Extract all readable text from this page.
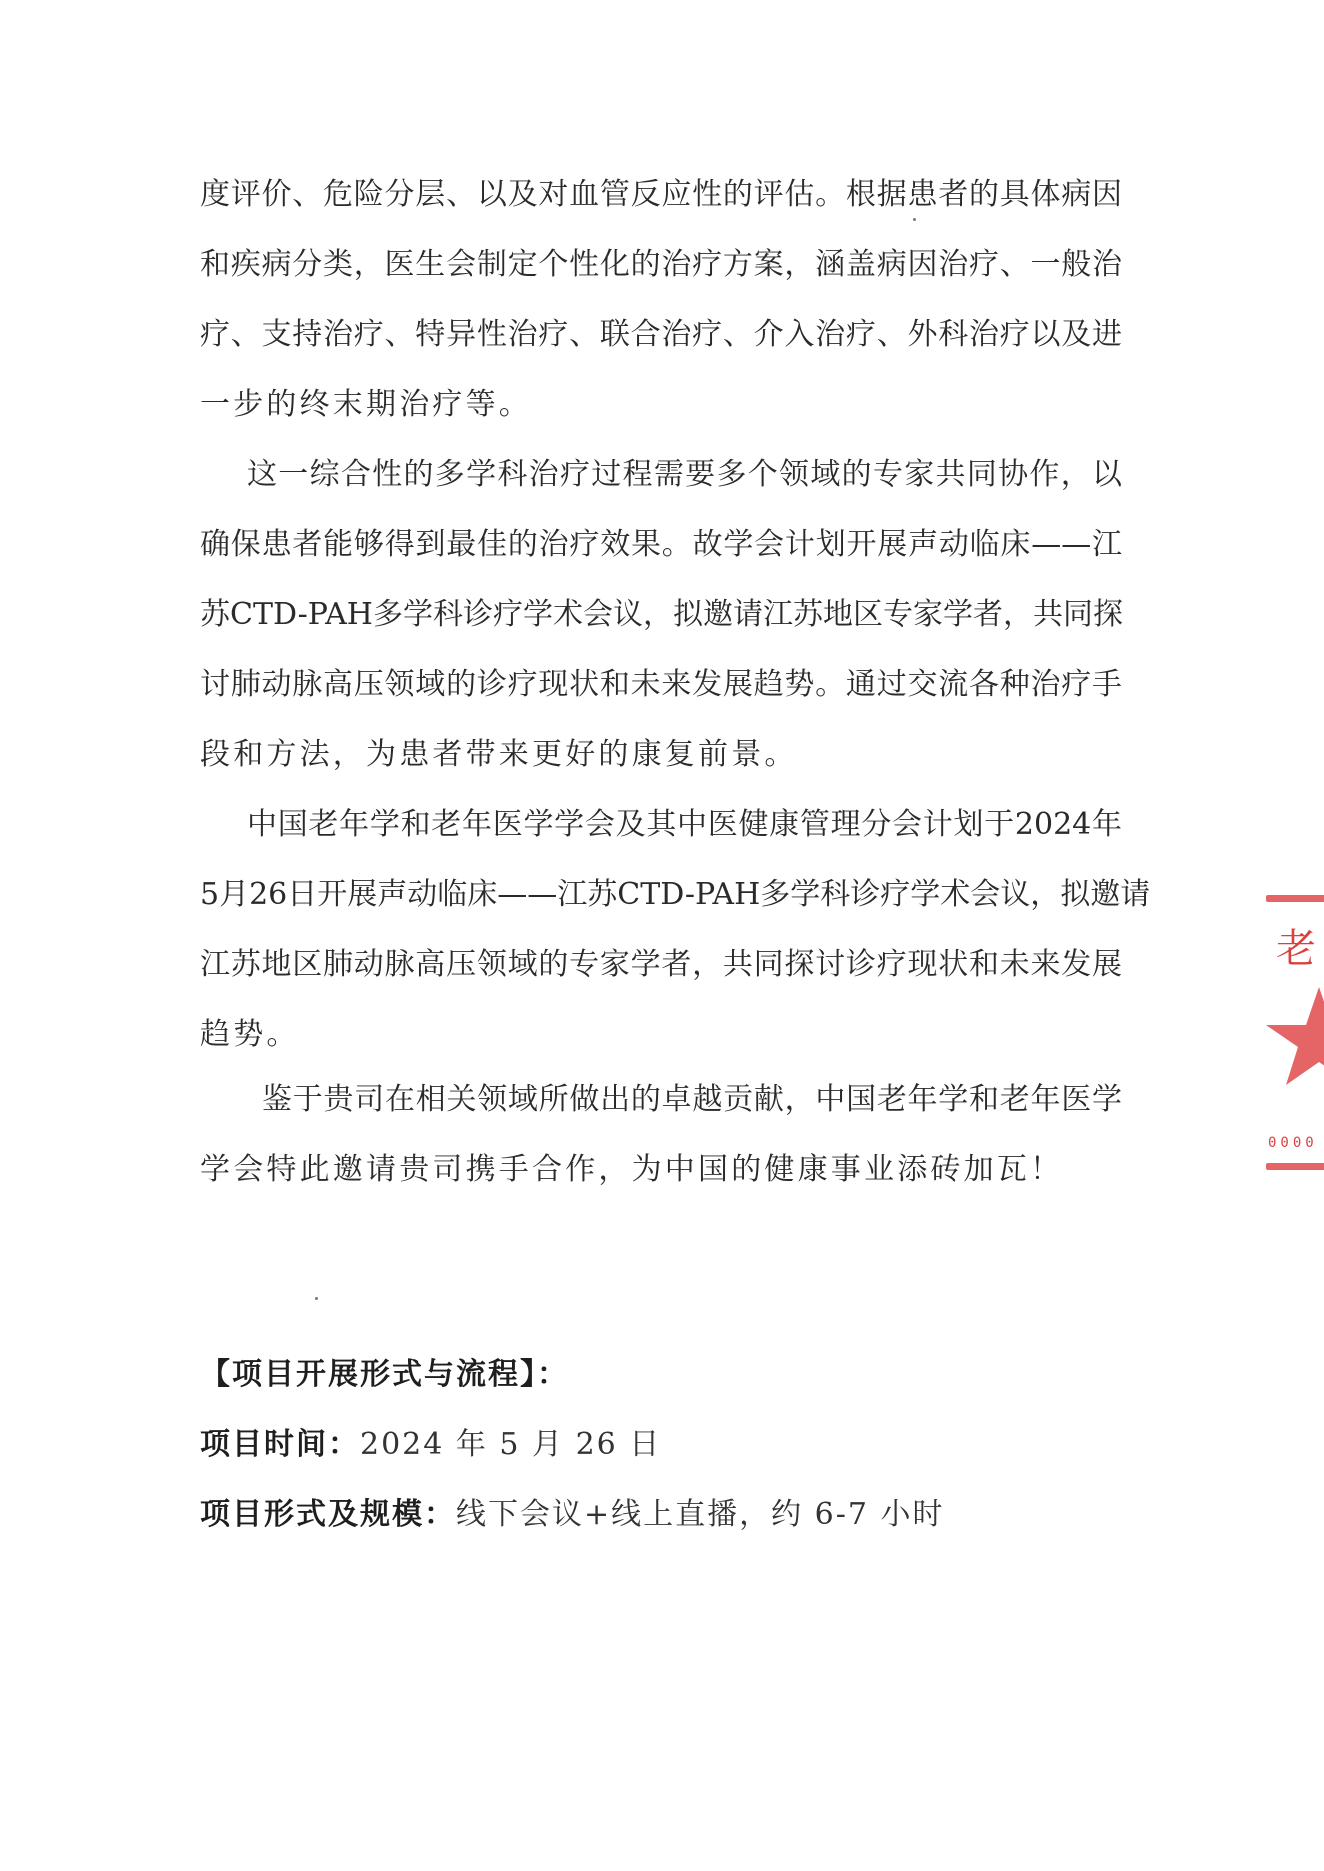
度评价、危险分层、以及对血管反应性的评估。根据患者的具体病因
和疾病分类，医生会制定个性化的治疗方案，涵盖病因治疗、一般治
疗、支持治疗、特异性治疗、联合治疗、介入治疗、外科治疗以及进
一步的终末期治疗等。
这一综合性的多学科治疗过程需要多个领域的专家共同协作，以
确保患者能够得到最佳的治疗效果。故学会计划开展声动临床——江
苏CTD-PAH多学科诊疗学术会议，拟邀请江苏地区专家学者，共同探
讨肺动脉高压领域的诊疗现状和未来发展趋势。通过交流各种治疗手
段和方法，为患者带来更好的康复前景。
中国老年学和老年医学学会及其中医健康管理分会计划于2024年
5月26日开展声动临床——江苏CTD-PAH多学科诊疗学术会议，拟邀请
江苏地区肺动脉高压领域的专家学者，共同探讨诊疗现状和未来发展
趋势。
鉴于贵司在相关领域所做出的卓越贡献，中国老年学和老年医学
学会特此邀请贵司携手合作，为中国的健康事业添砖加瓦！
【项目开展形式与流程】：
项目时间：2024 年 5 月 26 日
项目形式及规模：线下会议+线上直播，约 6-7 小时
老
0000
